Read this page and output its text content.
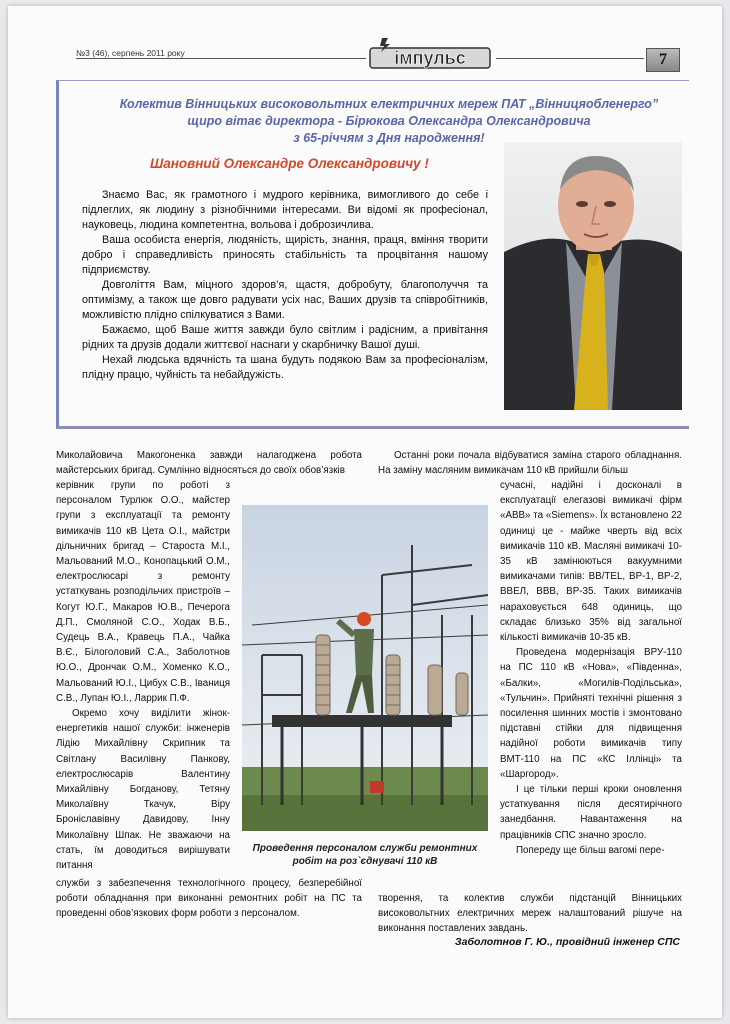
№3 (46), серпень 2011 року	імпульс	7
Колектив Вінницьких високовольтних електричних мереж ПАТ „Вінницяобленерго”
щиро вітає директора - Бірюкова Олександра Олександровича
з 65-річчям з Дня народження!
Шановний Олександре Олександровичу !

Знаємо Вас, як грамотного і мудрого керівника, вимогливого до себе і підлеглих, як людину з різнобічними інтересами. Ви відомі як професіонал, науковець, людина компетентна, вольова і доброзичлива.

Ваша особиста енергія, людяність, щирість, знання, праця, вміння творити добро і справедливість приносять стабільність та процвітання нашому підприємству.

Довголіття Вам, міцного здоров’я, щастя, добробуту, благополуччя та оптимізму, а також ще довго радувати усіх нас, Ваших друзів та співробітників, можливістю плідно спілкуватися з Вами.

Бажаємо, щоб Ваше життя завжди було світлим і радісним, а привітання рідних та друзів додали життєвої наснаги у скарбничку Вашої душі.

Нехай людська вдячність та шана будуть подякою Вам за професіоналізм, плідну працю, чуйність та небайдужість.

Миколайовича Макогоненка завжди налагоджена робота майстерських бригад. Сумлінно відносяться до своїх обов’язків

керівник групи по роботі з персоналом Турлюк О.О., майстер групи з експлуатації та ремонту вимикачів 110 кВ Цета О.І., майстри дільничних бригад – Староста М.І., Мальований М.О., Конопацький О.М., електрослюсарі з ремонту устаткувань розподільчих пристроїв – Когут Ю.Г., Макаров Ю.В., Печерога Д.П., Смоляной С.О., Ходак В.Б., Судець В.А., Кравець П.А., Чайка В.Є., Білоголовий С.А., Заболотнов Ю.О., Дрончак О.М., Хоменко К.О., Мальований Ю.І., Цибух С.В., Іваниця С.В., Лупан Ю.І., Ларрик П.Ф.

Окремо хочу виділити жінок-енергетиків нашої служби: інженерів Лідію Михайлівну Скрипник та Світлану Василівну Панкову, електрослюсарів Валентину Михайлівну Богданову, Тетяну Миколаївну Ткачук, Віру Броніславівну Давидову, Інну Миколаївну Шпак. Не зважаючи на стать, їм доводиться вирішувати питання

служби з забезпечення технологічного процесу, безперебійної роботи обладнання при виконанні ремонтних робіт на ПС та проведенні обов’язкових форм роботи з персоналом.

Останні роки почала відбуватися заміна старого обладнання. На заміну масляним вимикачам 110 кВ прийшли більш

сучасні, надійні і досконалі в експлуатації елегазові вимикачі фірм «ABB» та «Siemens». Їх встановлено 22 одиниці це - майже чверть від всіх вимикачів 110 кВ. Масляні вимикачі 10-35 кВ замінюються вакуумними вимикачами типів: BB/TEL, BP-1, BP-2, BBEЛ, BBB, BP-35. Таких вимикачів нараховується 648 одиниць, що складає близько 35% від загальної кількості вимикачів 10-35 кВ.

Проведена модернізація ВРУ-110 на ПС 110 кВ «Нова», «Південна», «Балки», «Могилів-Подільська», «Тульчин». Прийняті технічні рішення з посилення шинних мостів і змонтовано підставні стійки для підвищення надійної роботи вимикачів типу ВМТ-110 на ПС «КС Іллінці» та «Шаргород».

І це тільки перші кроки оновлення устаткування після десятирічного занедбання. Навантаження на працівників СПС значно зросло.

Попереду ще більш вагомі пере-

творення, та колектив служби підстанцій Вінницьких високовольтних електричних мереж налаштований рішуче на виконання поставлених завдань.

Проведення персоналом служби ремонтних робіт на роз`єднувачі 110 кВ
Заболотнов Г. Ю., провідний інженер СПС
